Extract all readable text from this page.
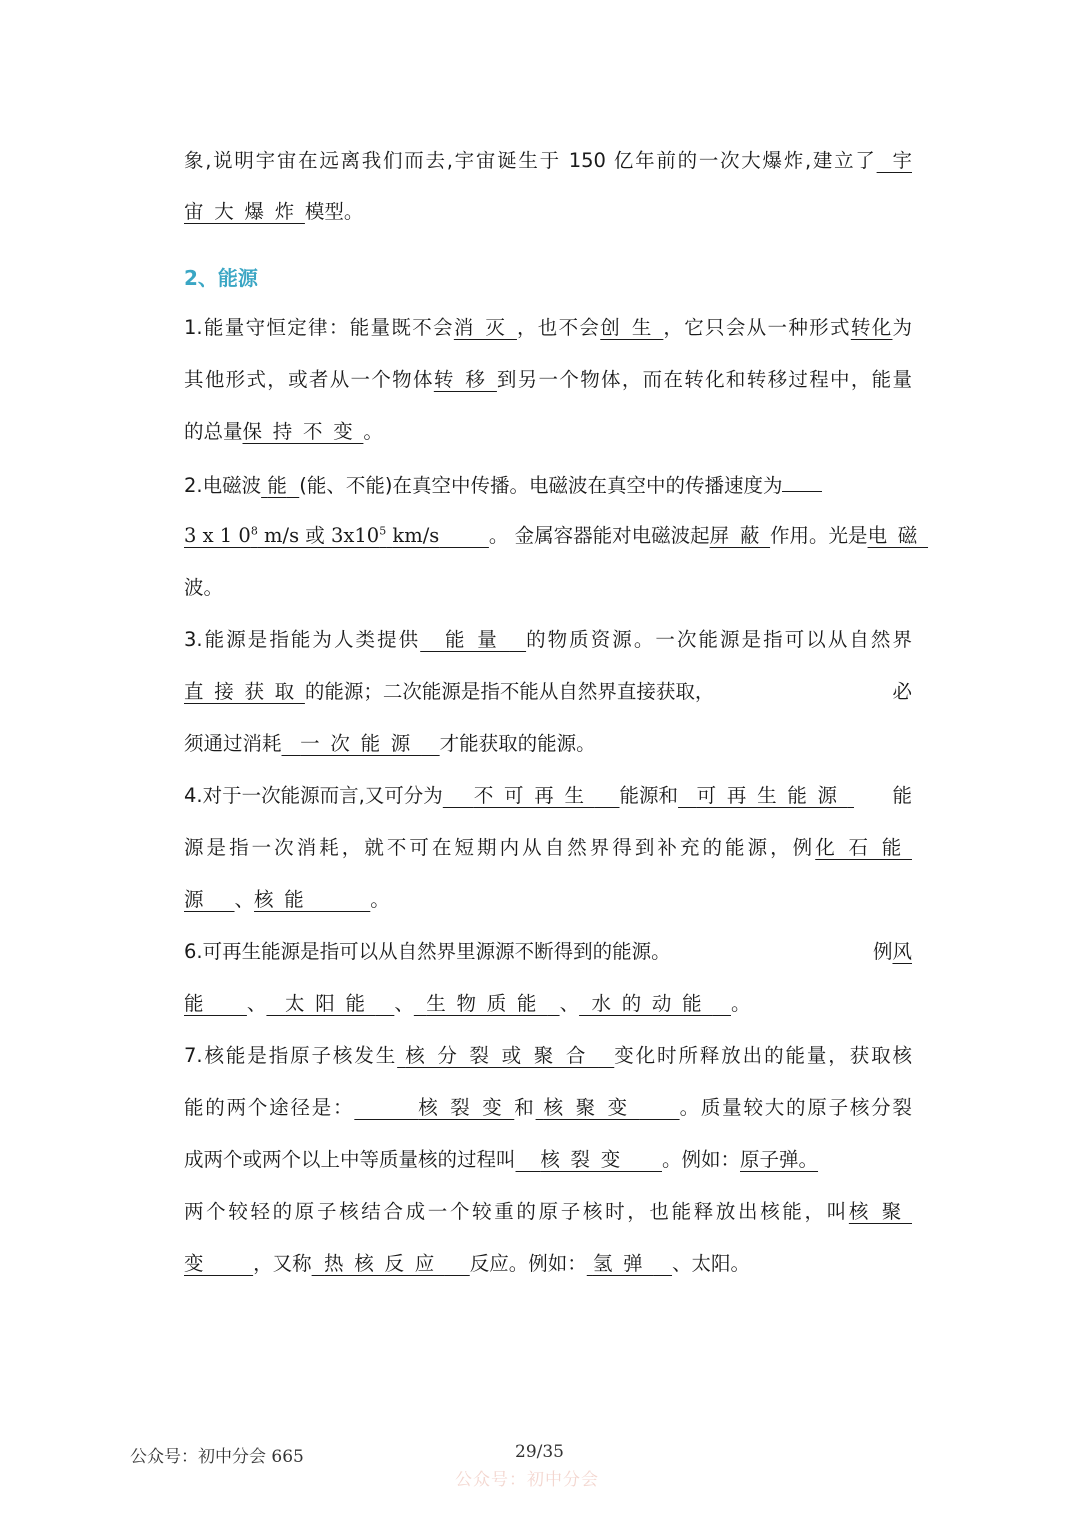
象,说明宇宙在远离我们而去,宇宙诞生于 150 亿年前的一次大爆炸,建立了 宇
宙大爆炸模型。
2、能源
1.能量守恒定律：能量既不会消灭，也不会创生，它只会从一种形式转化为
其他形式，或者从一个物体转移到另一个物体，而在转化和转移过程中，能量
的总量保持不变。
2.电磁波 能 (能、不能)在真空中传播。电磁波在真空中的传播速度为
3 x 1 $0^8$ m/s 或 $3x10^5$ km/s	。 金属容器能对电磁波起屏蔽作用。光是电磁
波。
3.能源是指能为人类提供 能量 的物质资源。一次能源是指可以从自然界
直接获取的能源；二次能源是指不能从自然界直接获取，	必
须通过消耗 一次能源 才能获取的能源。
4.对于一次能源而言,又可分为 不可再生 能源和 可再生能源 能
源是指一次消耗，就不可在短期内从自然界得到补充的能源，例化石能
源 、核能	。
6.可再生能源是指可以从自然界里源源不断得到的能源。	例风
能 、 太阳能 、 生物质能 、 水的动能 。
7.核能是指原子核发生 核分裂或聚合 变化时所释放出的能量，获取核
能的两个途径是：	核裂变和 核聚变 。质量较大的原子核分裂
成两个或两个以上中等质量核的过程叫 核裂变 。例如：原子弹。
两个较轻的原子核结合成一个较重的原子核时，也能释放出核能，叫核聚
变	，又称 热核反应 反应。例如： 氢弹 、太阳。
公众号：初中分会 665	29/35
公众号：初中分会
